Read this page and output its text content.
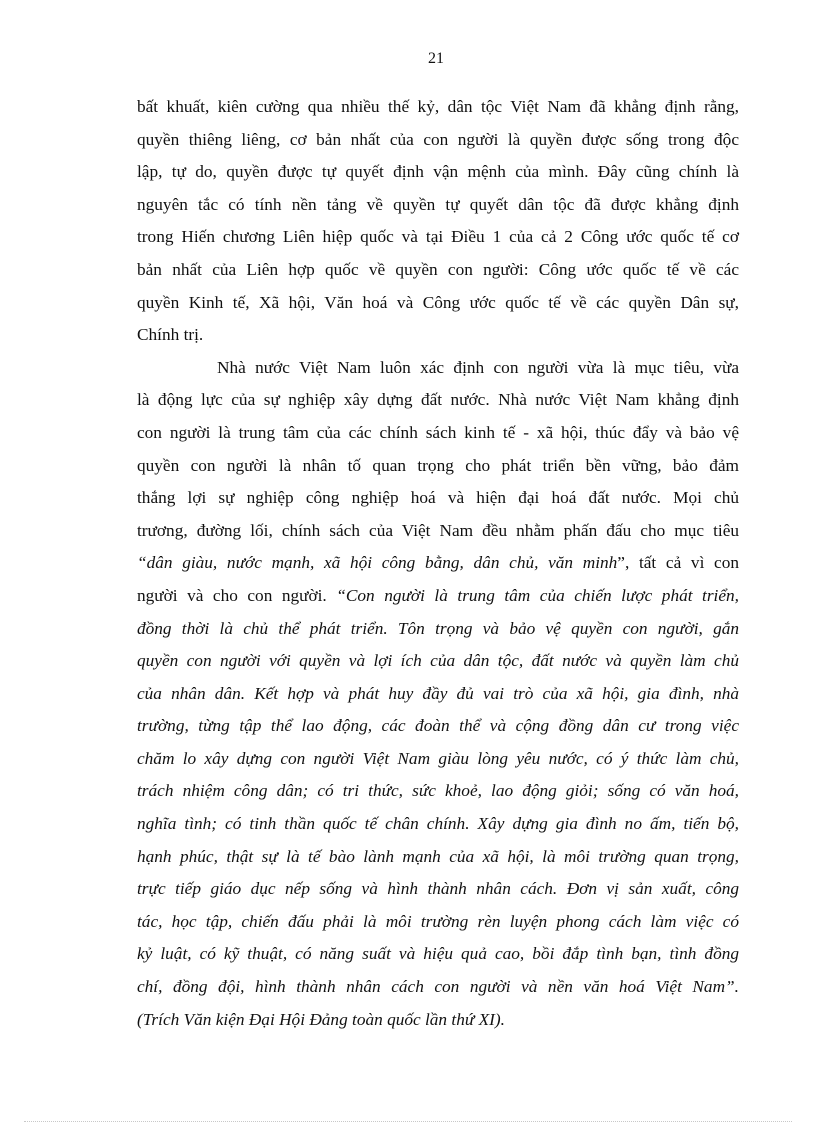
21
bất khuất, kiên cường qua nhiều thế kỷ, dân tộc Việt Nam đã khẳng định rằng,
quyền thiêng liêng, cơ bản nhất của con người là quyền được sống trong độc
lập, tự do, quyền được tự quyết định vận mệnh của mình. Đây cũng chính là
nguyên tắc có tính nền tảng về quyền tự quyết dân tộc đã được khẳng định
trong Hiến chương Liên hiệp quốc và tại Điều 1 của cả 2 Công ước quốc tế cơ
bản nhất của Liên hợp quốc về quyền con người: Công ước quốc tế về các
quyền Kinh tế, Xã hội, Văn hoá và Công ước quốc tế về các quyền Dân sự,
Chính trị.
Nhà nước Việt Nam luôn xác định con người vừa là mục tiêu, vừa
là động lực của sự nghiệp xây dựng đất nước. Nhà nước Việt Nam khẳng định
con người là trung tâm của các chính sách kinh tế - xã hội, thúc đẩy và bảo vệ
quyền con người là nhân tố quan trọng cho phát triển bền vững, bảo đảm
thắng lợi sự nghiệp công nghiệp hoá và hiện đại hoá đất nước. Mọi chủ
trương, đường lối, chính sách của Việt Nam đều nhằm phấn đấu cho mục tiêu
“dân giàu, nước mạnh, xã hội công bằng, dân chủ, văn minh”, tất cả vì con
người và cho con người. “Con người là trung tâm của chiến lược phát triển,
đồng thời là chủ thể phát triển. Tôn trọng và bảo vệ quyền con người, gắn
quyền con người với quyền và lợi ích của dân tộc, đất nước và quyền làm chủ
của nhân dân. Kết hợp và phát huy đầy đủ vai trò của xã hội, gia đình, nhà
trường, từng tập thể lao động, các đoàn thể và cộng đồng dân cư trong việc
chăm lo xây dựng con người Việt Nam giàu lòng yêu nước, có ý thức làm chủ,
trách nhiệm công dân; có tri thức, sức khoẻ, lao động giỏi; sống có văn hoá,
nghĩa tình; có tinh thần quốc tế chân chính. Xây dựng gia đình no ấm, tiến bộ,
hạnh phúc, thật sự là tế bào lành mạnh của xã hội, là môi trường quan trọng,
trực tiếp giáo dục nếp sống và hình thành nhân cách. Đơn vị sản xuất, công
tác, học tập, chiến đấu phải là môi trường rèn luyện phong cách làm việc có
kỷ luật, có kỹ thuật, có năng suất và hiệu quả cao, bồi đắp tình bạn, tình đồng
chí, đồng đội, hình thành nhân cách con người và nền văn hoá Việt Nam”.
(Trích Văn kiện Đại Hội Đảng toàn quốc lần thứ XI).
